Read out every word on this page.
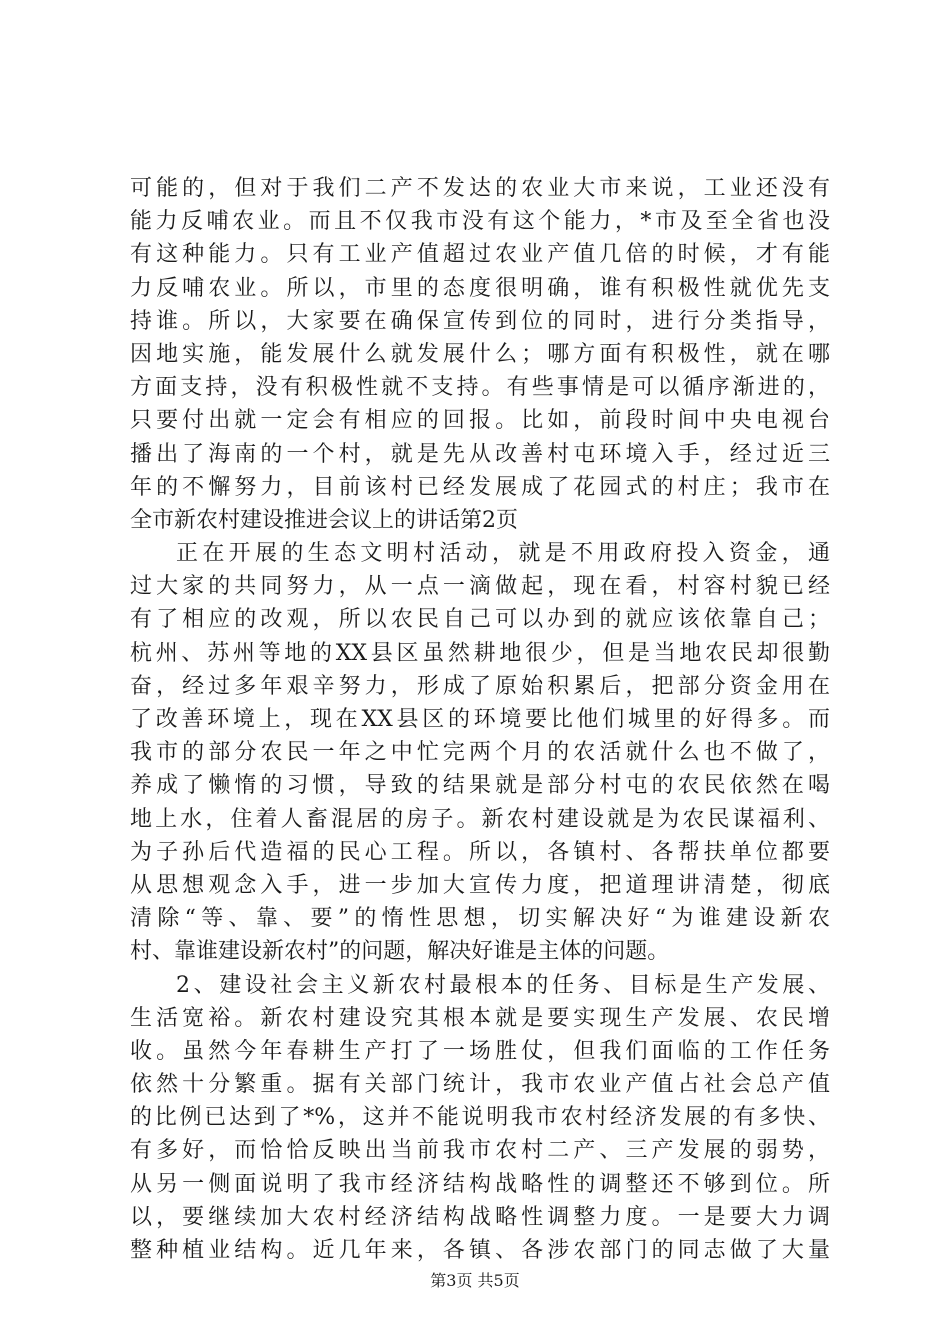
可能的，但对于我们二产不发达的农业大市来说，工业还没有
能力反哺农业。而且不仅我市没有这个能力，*市及至全省也没
有这种能力。只有工业产值超过农业产值几倍的时候，才有能
力反哺农业。所以，市里的态度很明确，谁有积极性就优先支
持谁。所以，大家要在确保宣传到位的同时，进行分类指导，
因地实施，能发展什么就发展什么；哪方面有积极性，就在哪
方面支持，没有积极性就不支持。有些事情是可以循序渐进的，
只要付出就一定会有相应的回报。比如，前段时间中央电视台
播出了海南的一个村，就是先从改善村屯环境入手，经过近三
年的不懈努力，目前该村已经发展成了花园式的村庄；我市在
全市新农村建设推进会议上的讲话第2页
正在开展的生态文明村活动，就是不用政府投入资金，通
过大家的共同努力，从一点一滴做起，现在看，村容村貌已经
有了相应的改观，所以农民自己可以办到的就应该依靠自己；
杭州、苏州等地的XX县区虽然耕地很少，但是当地农民却很勤
奋，经过多年艰辛努力，形成了原始积累后，把部分资金用在
了改善环境上，现在XX县区的环境要比他们城里的好得多。而
我市的部分农民一年之中忙完两个月的农活就什么也不做了，
养成了懒惰的习惯，导致的结果就是部分村屯的农民依然在喝
地上水，住着人畜混居的房子。新农村建设就是为农民谋福利、
为子孙后代造福的民心工程。所以，各镇村、各帮扶单位都要
从思想观念入手，进一步加大宣传力度，把道理讲清楚，彻底
清除“等、靠、要”的惰性思想，切实解决好“为谁建设新农
村、靠谁建设新农村”的问题，解决好谁是主体的问题。
2、建设社会主义新农村最根本的任务、目标是生产发展、
生活宽裕。新农村建设究其根本就是要实现生产发展、农民增
收。虽然今年春耕生产打了一场胜仗，但我们面临的工作任务
依然十分繁重。据有关部门统计，我市农业产值占社会总产值
的比例已达到了*%，这并不能说明我市农村经济发展的有多快、
有多好，而恰恰反映出当前我市农村二产、三产发展的弱势，
从另一侧面说明了我市经济结构战略性的调整还不够到位。所
以，要继续加大农村经济结构战略性调整力度。一是要大力调
整种植业结构。近几年来，各镇、各涉农部门的同志做了大量
第3页 共5页
